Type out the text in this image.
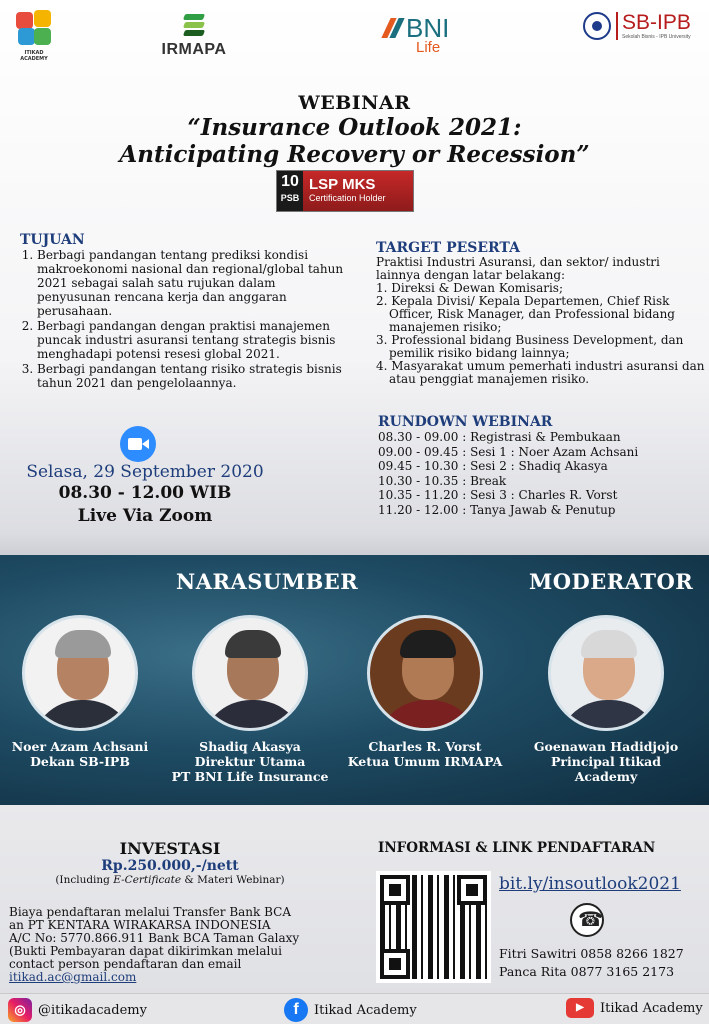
ITIKAD ACADEMY
IRMAPA
BNI
Life
SB-IPB
Sekolah Bisnis - IPB University
WEBINAR
“Insurance Outlook 2021:
Anticipating Recovery or Recession”
10
PSB
LSP MKS
Certification Holder
TUJUAN
1. Berbagi pandangan tentang prediksi kondisi makroekonomi nasional dan regional/global tahun 2021 sebagai salah satu rujukan dalam penyusunan rencana kerja dan anggaran perusahaan.
2. Berbagi pandangan dengan praktisi manajemen puncak industri asuransi tentang strategis bisnis menghadapi potensi resesi global 2021.
3. Berbagi pandangan tentang risiko strategis bisnis tahun 2021 dan pengelolaannya.
Selasa, 29 September 2020
08.30 - 12.00 WIB
Live Via Zoom
TARGET PESERTA
Praktisi Industri Asuransi, dan sektor/ industri lainnya dengan latar belakang:
1. Direksi & Dewan Komisaris;
2. Kepala Divisi/ Kepala Departemen, Chief Risk Officer, Risk Manager, dan Professional bidang manajemen risiko;
3. Professional bidang Business Development, dan pemilik risiko bidang lainnya;
4. Masyarakat umum pemerhati industri asuransi dan atau penggiat manajemen risiko.
RUNDOWN WEBINAR
08.30 - 09.00		: Registrasi & Pembukaan
09.00 - 09.45		: Sesi 1 : Noer Azam Achsani
09.45 - 10.30		: Sesi 2 : Shadiq Akasya
10.30 - 10.35		: Break
10.35 - 11.20		: Sesi 3 : Charles R. Vorst
11.20 - 12.00		: Tanya Jawab & Penutup
NARASUMBER	MODERATOR
Noer Azam Achsani
Dekan SB-IPB
Shadiq Akasya
Direktur Utama
PT BNI Life Insurance
Charles R. Vorst
Ketua Umum IRMAPA
Goenawan Hadidjojo
Principal Itikad Academy
INVESTASI
Rp.250.000,-/nett
(Including E-Certificate & Materi Webinar)
Biaya pendaftaran melalui Transfer Bank BCA
an PT KENTARA WIRAKARSA INDONESIA
A/C No: 5770.866.911 Bank BCA Taman Galaxy
(Bukti Pembayaran dapat dikirimkan melalui
contact person pendaftaran dan email
itikad.ac@gmail.com
INFORMASI & LINK PENDAFTARAN
bit.ly/insoutlook2021
☎
Fitri Sawitri 0858 8266 1827
Panca Rita 0877 3165 2173
◎ @itikadacademy	f	Itikad Academy	▶	Itikad Academy
